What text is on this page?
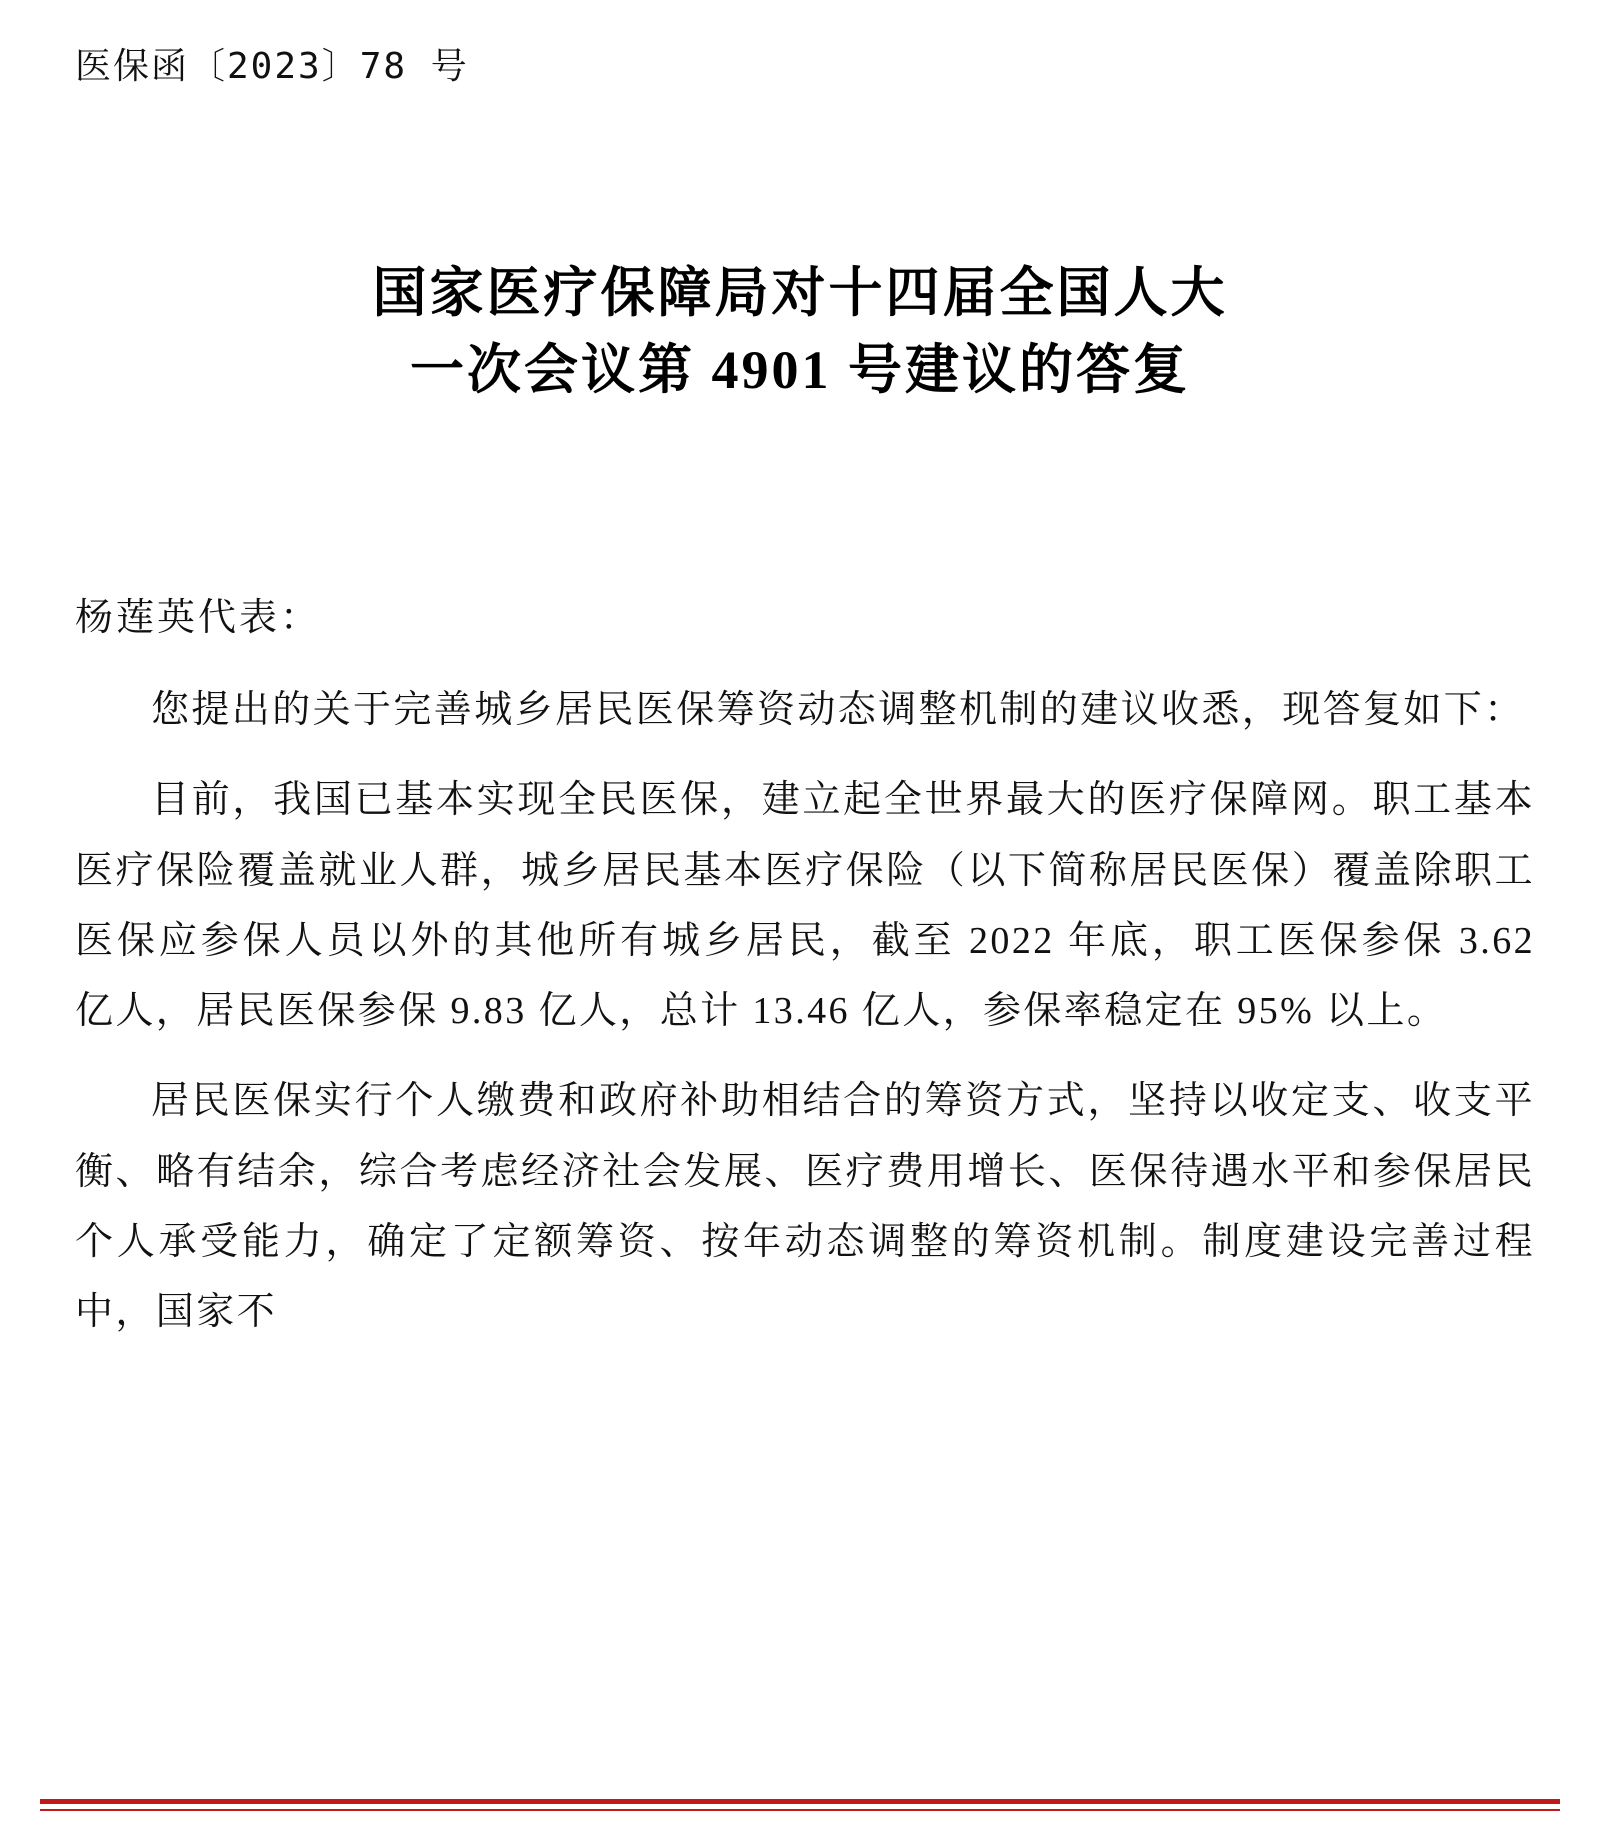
医保函〔2023〕78 号
国家医疗保障局对十四届全国人大
一次会议第 4901 号建议的答复
杨莲英代表：

您提出的关于完善城乡居民医保筹资动态调整机制的建议收悉，现答复如下：

目前，我国已基本实现全民医保，建立起全世界最大的医疗保障网。职工基本医疗保险覆盖就业人群，城乡居民基本医疗保险（以下简称居民医保）覆盖除职工医保应参保人员以外的其他所有城乡居民，截至 2022 年底，职工医保参保 3.62 亿人，居民医保参保 9.83 亿人，总计 13.46 亿人，参保率稳定在 95% 以上。

居民医保实行个人缴费和政府补助相结合的筹资方式，坚持以收定支、收支平衡、略有结余，综合考虑经济社会发展、医疗费用增长、医保待遇水平和参保居民个人承受能力，确定了定额筹资、按年动态调整的筹资机制。制度建设完善过程中，国家不
